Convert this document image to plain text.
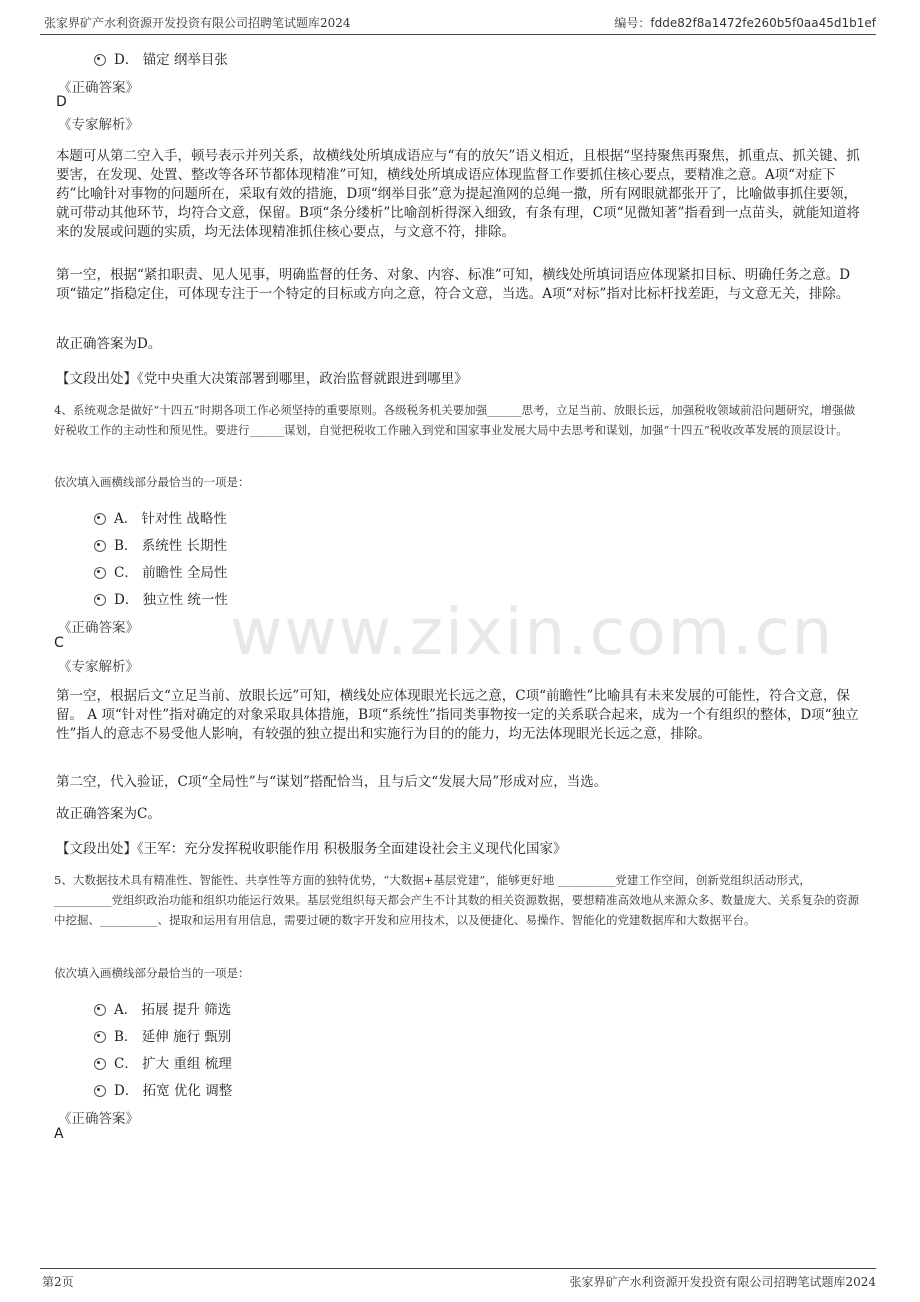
张家界矿产水利资源开发投资有限公司招聘笔试题库2024	编号：fdde82f8a1472fe260b5f0aa45d1b1ef
www.zixin.com.cn
D． 锚定 纲举目张
《正确答案》
D
《专家解析》
本题可从第二空入手，顿号表示并列关系，故横线处所填成语应与“有的放矢”语义相近，且根据“坚持聚焦再聚焦，抓重点、抓关键、抓要害，在发现、处置、整改等各环节都体现精准”可知，横线处所填成语应体现监督工作要抓住核心要点，要精准之意。A项“对症下药”比喻针对事物的问题所在，采取有效的措施，D项“纲举目张”意为提起渔网的总绳一撒，所有网眼就都张开了，比喻做事抓住要领，就可带动其他环节，均符合文意，保留。B项“条分缕析”比喻剖析得深入细致，有条有理，C项“见微知著”指看到一点苗头，就能知道将来的发展或问题的实质，均无法体现精准抓住核心要点，与文意不符，排除。
第一空，根据“紧扣职责、见人见事，明确监督的任务、对象、内容、标准”可知，横线处所填词语应体现紧扣目标、明确任务之意。D项“锚定”指稳定住，可体现专注于一个特定的目标或方向之意，符合文意，当选。A项“对标”指对比标杆找差距，与文意无关，排除。
故正确答案为D。
【文段出处】《党中央重大决策部署到哪里，政治监督就跟进到哪里》
4、系统观念是做好“十四五”时期各项工作必须坚持的重要原则。各级税务机关要加强______思考，立足当前、放眼长远，加强税收领域前沿问题研究，增强做好税收工作的主动性和预见性。要进行______谋划，自觉把税收工作融入到党和国家事业发展大局中去思考和谋划，加强“十四五”税收改革发展的顶层设计。
依次填入画横线部分最恰当的一项是：
A． 针对性 战略性
B． 系统性 长期性
C． 前瞻性 全局性
D． 独立性 统一性
《正确答案》
C
《专家解析》
第一空，根据后文“立足当前、放眼长远”可知，横线处应体现眼光长远之意，C项“前瞻性”比喻具有未来发展的可能性，符合文意，保留。 A 项“针对性”指对确定的对象采取具体措施，B项“系统性”指同类事物按一定的关系联合起来，成为一个有组织的整体，D项“独立性”指人的意志不易受他人影响，有较强的独立提出和实施行为目的的能力，均无法体现眼光长远之意，排除。
第二空，代入验证，C项“全局性”与“谋划”搭配恰当，且与后文“发展大局”形成对应，当选。
故正确答案为C。
【文段出处】《王军：充分发挥税收职能作用 积极服务全面建设社会主义现代化国家》
5、大数据技术具有精准性、智能性、共享性等方面的独特优势，“大数据+基层党建”，能够更好地 __________党建工作空间，创新党组织活动形式，__________党组织政治功能和组织功能运行效果。基层党组织每天都会产生不计其数的相关资源数据，要想精准高效地从来源众多、数量庞大、关系复杂的资源中挖掘、__________、提取和运用有用信息，需要过硬的数字开发和应用技术，以及便捷化、易操作、智能化的党建数据库和大数据平台。
依次填入画横线部分最恰当的一项是：
A． 拓展 提升 筛选
B． 延伸 施行 甄别
C． 扩大 重组 梳理
D． 拓宽 优化 调整
《正确答案》
A
第2页	张家界矿产水利资源开发投资有限公司招聘笔试题库2024
